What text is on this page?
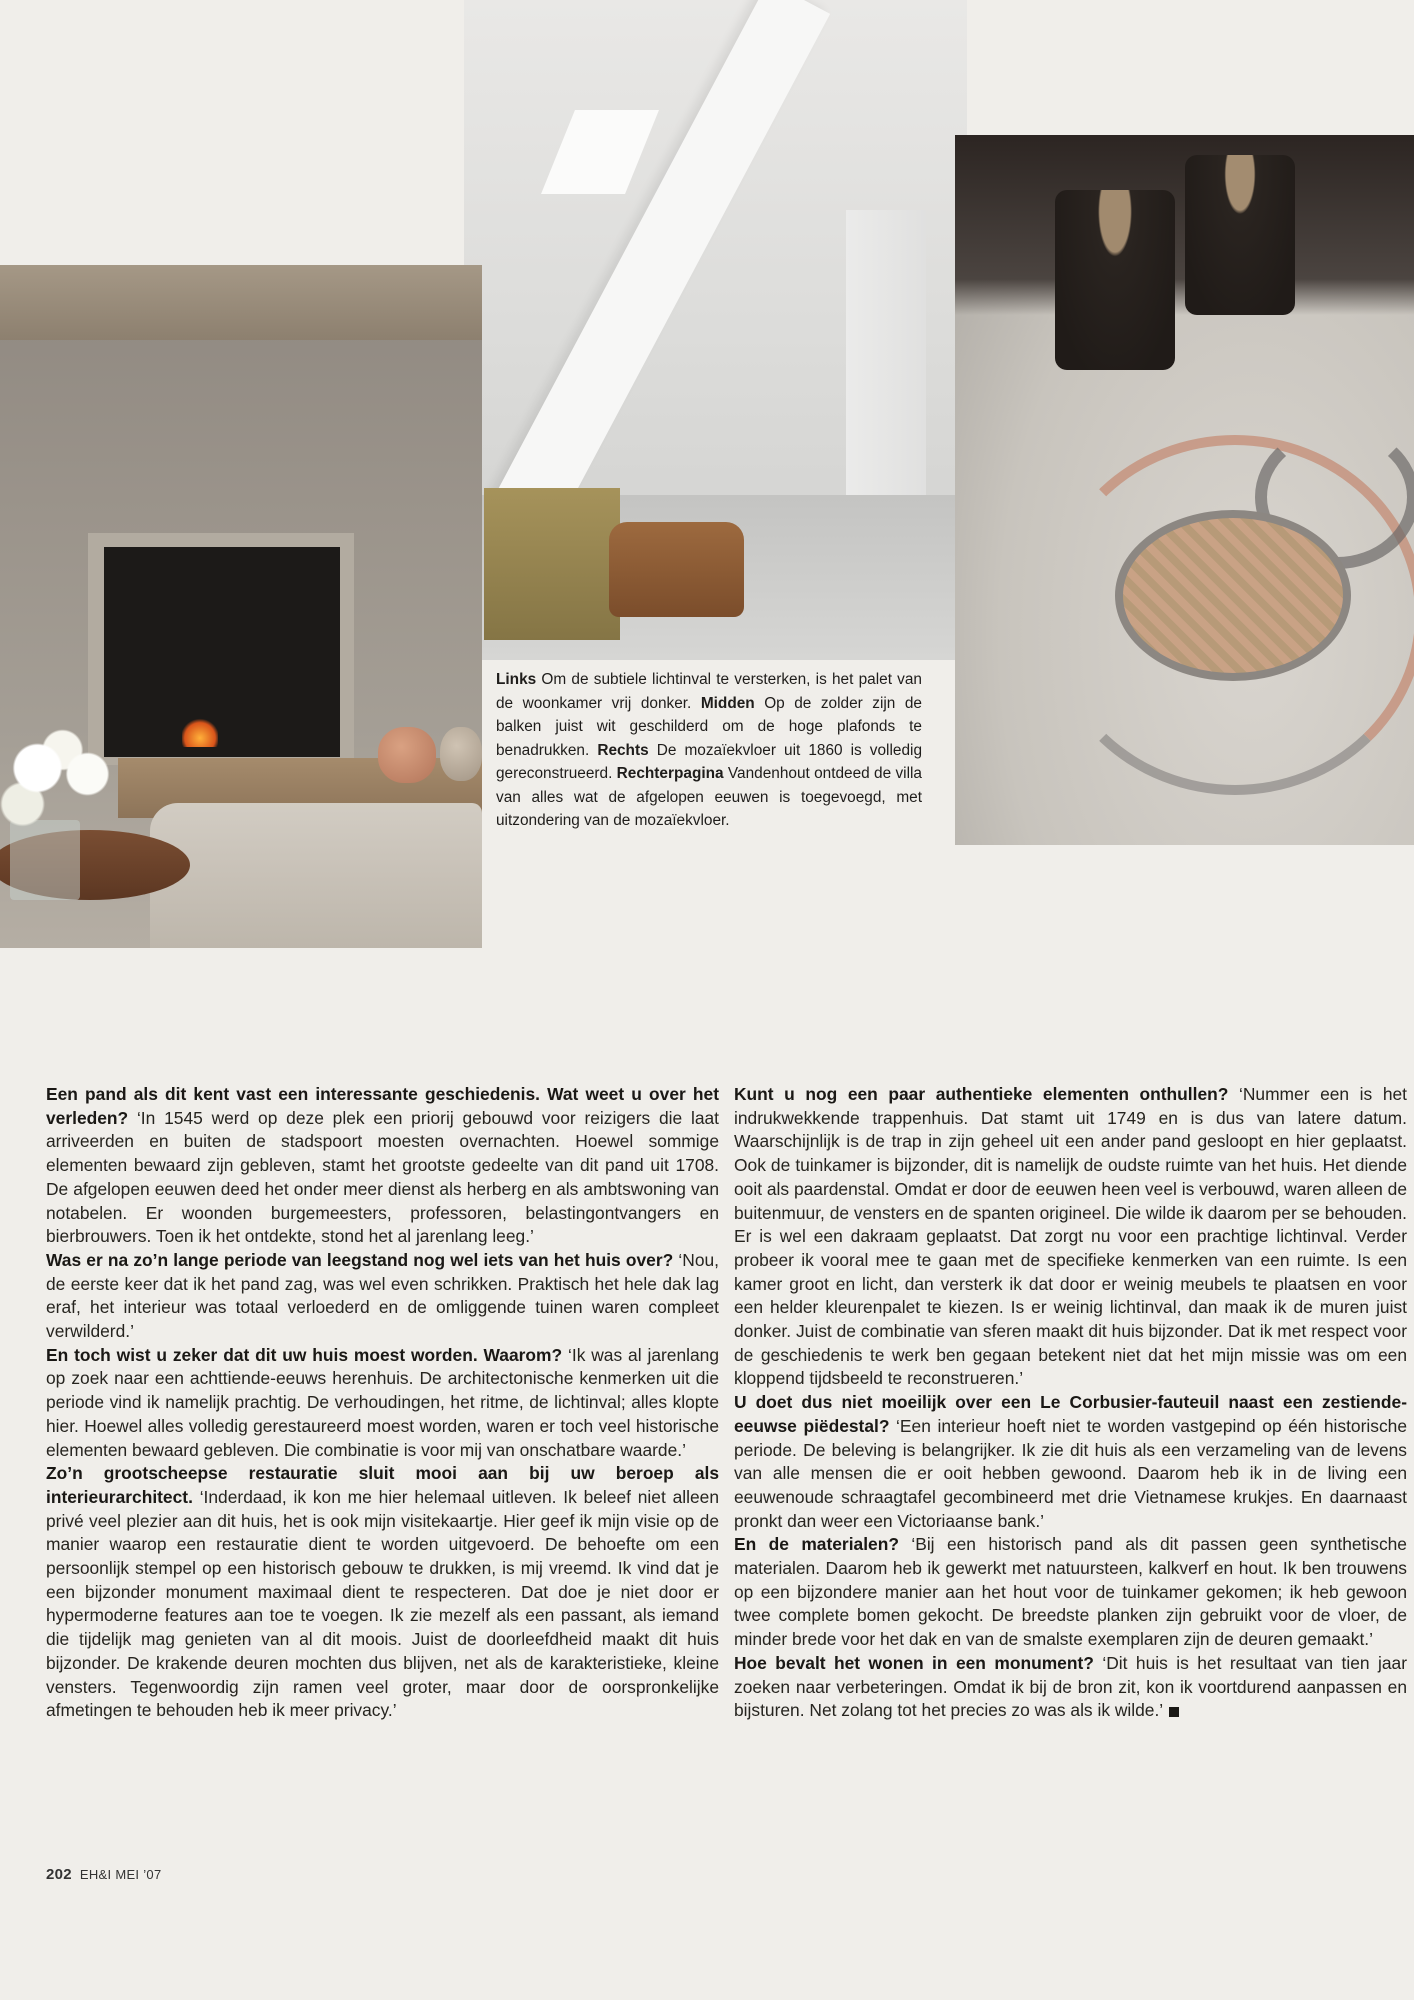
Links Om de subtiele lichtinval te versterken, is het palet van de woonkamer vrij donker. Midden Op de zolder zijn de balken juist wit geschilderd om de hoge plafonds te benadrukken. Rechts De mozaïekvloer uit 1860 is volledig gereconstrueerd. Rechterpagina Vandenhout ontdeed de villa van alles wat de afgelopen eeuwen is toegevoegd, met uitzondering van de mozaïekvloer.

Een pand als dit kent vast een interessante geschiedenis. Wat weet u over het verleden? ‘In 1545 werd op deze plek een priorij gebouwd voor reizigers die laat arriveerden en buiten de stadspoort moesten overnachten. Hoewel sommige elementen bewaard zijn gebleven, stamt het grootste gedeelte van dit pand uit 1708. De afgelopen eeuwen deed het onder meer dienst als herberg en als ambtswoning van notabelen. Er woonden burgemeesters, professoren, belastingontvangers en bierbrouwers. Toen ik het ontdekte, stond het al jarenlang leeg.’

Was er na zo’n lange periode van leegstand nog wel iets van het huis over? ‘Nou, de eerste keer dat ik het pand zag, was wel even schrikken. Praktisch het hele dak lag eraf, het interieur was totaal verloederd en de omliggende tuinen waren compleet verwilderd.’

En toch wist u zeker dat dit uw huis moest worden. Waarom? ‘Ik was al jarenlang op zoek naar een achttiende-eeuws herenhuis. De architectonische kenmerken uit die periode vind ik namelijk prachtig. De verhoudingen, het ritme, de lichtinval; alles klopte hier. Hoewel alles volledig gerestaureerd moest worden, waren er toch veel historische elementen bewaard gebleven. Die combinatie is voor mij van onschatbare waarde.’

Zo’n grootscheepse restauratie sluit mooi aan bij uw beroep als interieurarchitect. ‘Inderdaad, ik kon me hier helemaal uitleven. Ik beleef niet alleen privé veel plezier aan dit huis, het is ook mijn visitekaartje. Hier geef ik mijn visie op de manier waarop een restauratie dient te worden uitgevoerd. De behoefte om een persoonlijk stempel op een historisch gebouw te drukken, is mij vreemd. Ik vind dat je een bijzonder monument maximaal dient te respecteren. Dat doe je niet door er hypermoderne features aan toe te voegen. Ik zie mezelf als een passant, als iemand die tijdelijk mag genieten van al dit moois. Juist de doorleefdheid maakt dit huis bijzonder. De krakende deuren mochten dus blijven, net als de karakteristieke, kleine vensters. Tegenwoordig zijn ramen veel groter, maar door de oorspronkelijke afmetingen te behouden heb ik meer privacy.’

Kunt u nog een paar authentieke elementen onthullen? ‘Nummer een is het indrukwekkende trappenhuis. Dat stamt uit 1749 en is dus van latere datum. Waarschijnlijk is de trap in zijn geheel uit een ander pand gesloopt en hier geplaatst. Ook de tuinkamer is bijzonder, dit is namelijk de oudste ruimte van het huis. Het diende ooit als paardenstal. Omdat er door de eeuwen heen veel is verbouwd, waren alleen de buitenmuur, de vensters en de spanten origineel. Die wilde ik daarom per se behouden. Er is wel een dakraam geplaatst. Dat zorgt nu voor een prachtige lichtinval. Verder probeer ik vooral mee te gaan met de specifieke kenmerken van een ruimte. Is een kamer groot en licht, dan versterk ik dat door er weinig meubels te plaatsen en voor een helder kleurenpalet te kiezen. Is er weinig lichtinval, dan maak ik de muren juist donker. Juist de combinatie van sferen maakt dit huis bijzonder. Dat ik met respect voor de geschiedenis te werk ben gegaan betekent niet dat het mijn missie was om een kloppend tijdsbeeld te reconstrueren.’

U doet dus niet moeilijk over een Le Corbusier-fauteuil naast een zestiende-eeuwse piëdestal? ‘Een interieur hoeft niet te worden vastgepind op één historische periode. De beleving is belangrijker. Ik zie dit huis als een verzameling van de levens van alle mensen die er ooit hebben gewoond. Daarom heb ik in de living een eeuwenoude schraagtafel gecombineerd met drie Vietnamese krukjes. En daarnaast pronkt dan weer een Victoriaanse bank.’

En de materialen? ‘Bij een historisch pand als dit passen geen synthetische materialen. Daarom heb ik gewerkt met natuursteen, kalkverf en hout. Ik ben trouwens op een bijzondere manier aan het hout voor de tuinkamer gekomen; ik heb gewoon twee complete bomen gekocht. De breedste planken zijn gebruikt voor de vloer, de minder brede voor het dak en van de smalste exemplaren zijn de deuren gemaakt.’

Hoe bevalt het wonen in een monument? ‘Dit huis is het resultaat van tien jaar zoeken naar verbeteringen. Omdat ik bij de bron zit, kon ik voortdurend aanpassen en bijsturen. Net zolang tot het precies zo was als ik wilde.’

202 EH&I MEI ’07
